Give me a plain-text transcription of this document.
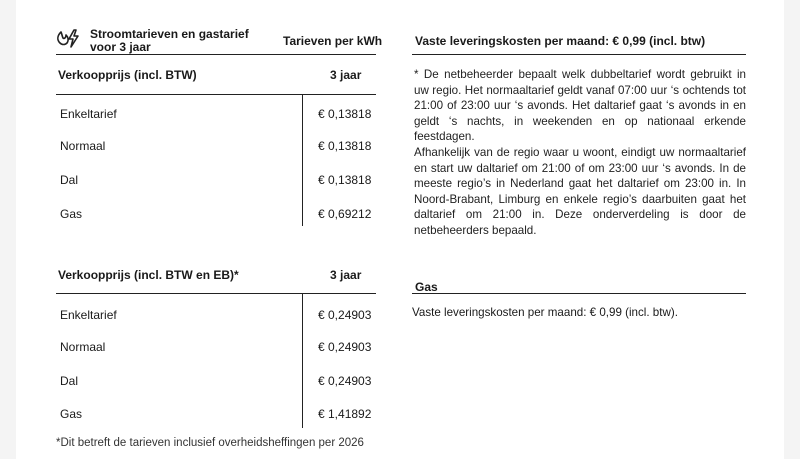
Stroomtarieven en gastarief
voor 3 jaar	Tarieven per kWh
Verkoopprijs (incl. BTW)	3 jaar
Enkeltarief	€ 0,13818
Normaal	€ 0,13818
Dal	€ 0,13818
Gas	€ 0,69212
Verkoopprijs (incl. BTW en EB)*	3 jaar
Enkeltarief	€ 0,24903
Normaal	€ 0,24903
Dal	€ 0,24903
Gas	€ 1,41892
*Dit betreft de tarieven inclusief overheidsheffingen per 2026
Vaste leveringskosten per maand: € 0,99 (incl. btw)

* De netbeheerder bepaalt welk dubbeltarief wordt gebruikt in uw regio. Het normaaltarief geldt vanaf 07:00 uur ‘s ochtends tot 21:00 of 23:00 uur ‘s avonds. Het daltarief gaat ‘s avonds in en geldt ‘s nachts, in weekenden en op nationaal erkende feestdagen.

Afhankelijk van de regio waar u woont, eindigt uw normaaltarief en start uw daltarief om 21:00 of om 23:00 uur ‘s avonds. In de meeste regio’s in Nederland gaat het daltarief om 23:00 in. In Noord-Brabant, Limburg en enkele regio’s daarbuiten gaat het daltarief om 21:00 in. Deze onderverdeling is door de netbeheerders bepaald.

Gas
Vaste leveringskosten per maand: € 0,99 (incl. btw).
